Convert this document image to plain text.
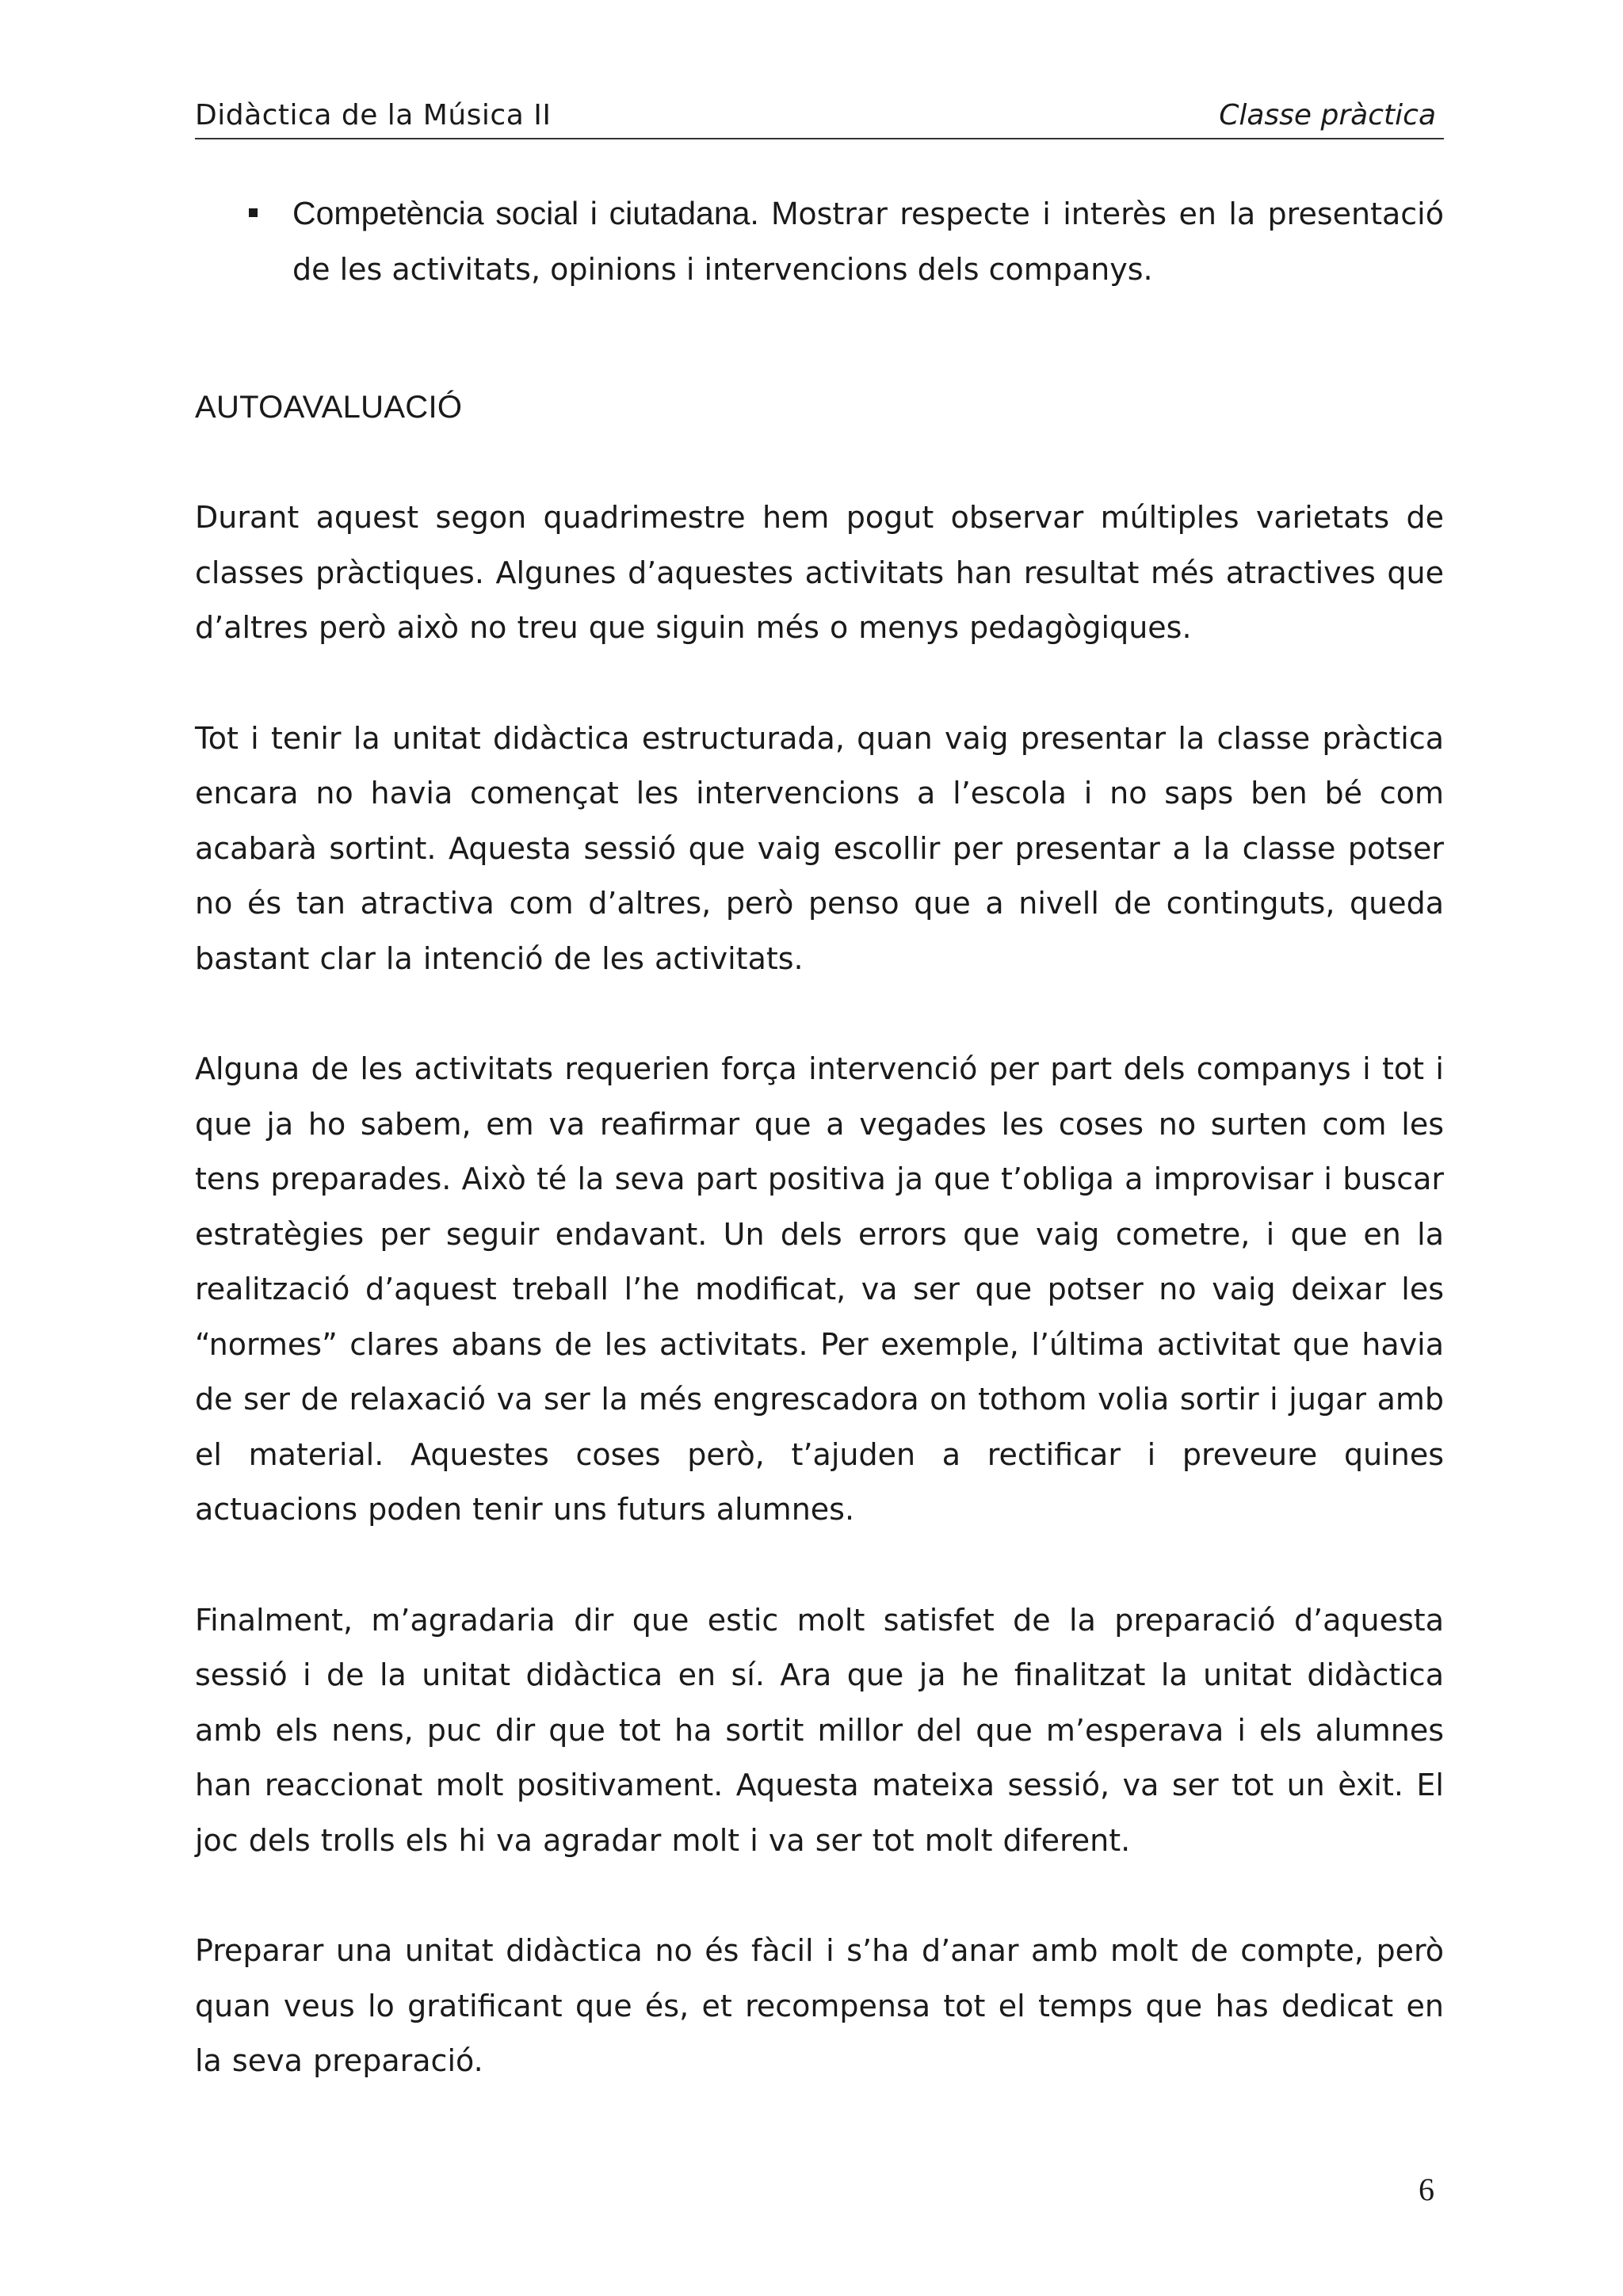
Didàctica de la Música II	Classe pràctica
Competència social i ciutadana. Mostrar respecte i interès en la presentació de les activitats, opinions i intervencions dels companys.
AUTOAVALUACIÓ

Durant aquest segon quadrimestre hem pogut observar múltiples varietats de classes pràctiques. Algunes d’aquestes activitats han resultat més atractives que d’altres però això no treu que siguin més o menys pedagògiques.

Tot i tenir la unitat didàctica estructurada, quan vaig presentar la classe pràctica encara no havia començat les intervencions a l’escola i no saps ben bé com acabarà sortint. Aquesta sessió que vaig escollir per presentar a la classe potser no és tan atractiva com d’altres, però penso que a nivell de continguts, queda bastant clar la intenció de les activitats.

Alguna de les activitats requerien força intervenció per part dels companys i tot i que ja ho sabem, em va reafirmar que a vegades les coses no surten com les tens preparades. Això té la seva part positiva ja que t’obliga a improvisar i buscar estratègies per seguir endavant. Un dels errors que vaig cometre, i que en la realització d’aquest treball l’he modificat, va ser que potser no vaig deixar les “normes” clares abans de les activitats. Per exemple, l’última activitat que havia de ser de relaxació va ser la més engrescadora on tothom volia sortir i jugar amb el material. Aquestes coses però, t’ajuden a rectificar i preveure quines actuacions poden tenir uns futurs alumnes.

Finalment, m’agradaria dir que estic molt satisfet de la preparació d’aquesta sessió i de la unitat didàctica en sí. Ara que ja he finalitzat la unitat didàctica amb els nens, puc dir que tot ha sortit millor del que m’esperava i els alumnes han reaccionat molt positivament. Aquesta mateixa sessió, va ser tot un èxit. El joc dels trolls els hi va agradar molt i va ser tot molt diferent.

Preparar una unitat didàctica no és fàcil i s’ha d’anar amb molt de compte, però quan veus lo gratificant que és, et recompensa tot el temps que has dedicat en la seva preparació.

6
